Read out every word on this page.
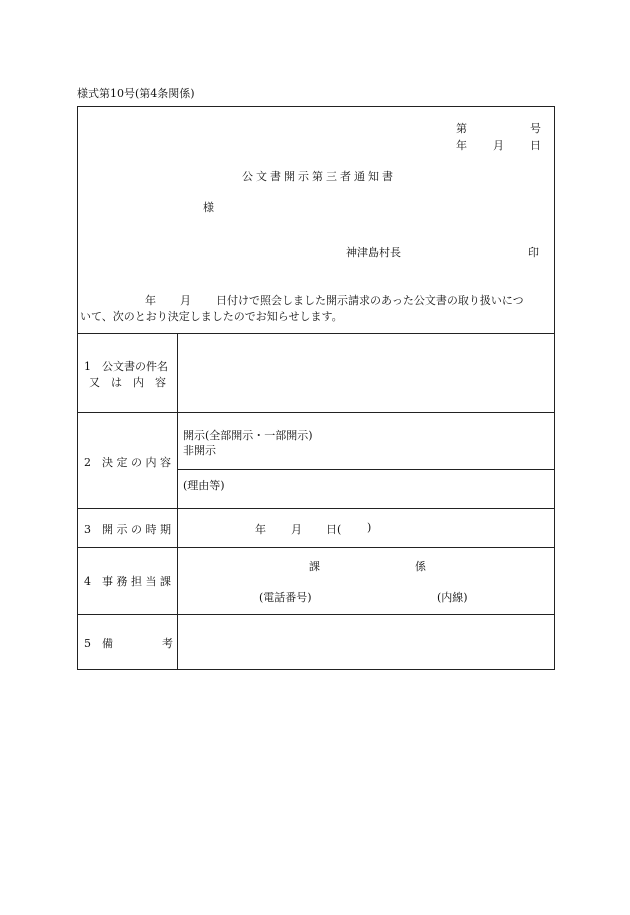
様式第10号(第4条関係)
第	号
年 月 日
公文書開示第三者通知書
様
神津島村長	印
年 月 日付けで照会しました開示請求のあった公文書の取り扱いにつ
いて、次のとおり決定しましたのでお知らせします。
1　公文書の件名
又　は　内　容
2　決 定 の 内 容
開示(全部開示・一部開示)
非開示
(理由等)
3　開 示 の 時 期	年 月 日( )
4　事 務 担 当 課
課	係
(電話番号)	(内線)
5　備	考
